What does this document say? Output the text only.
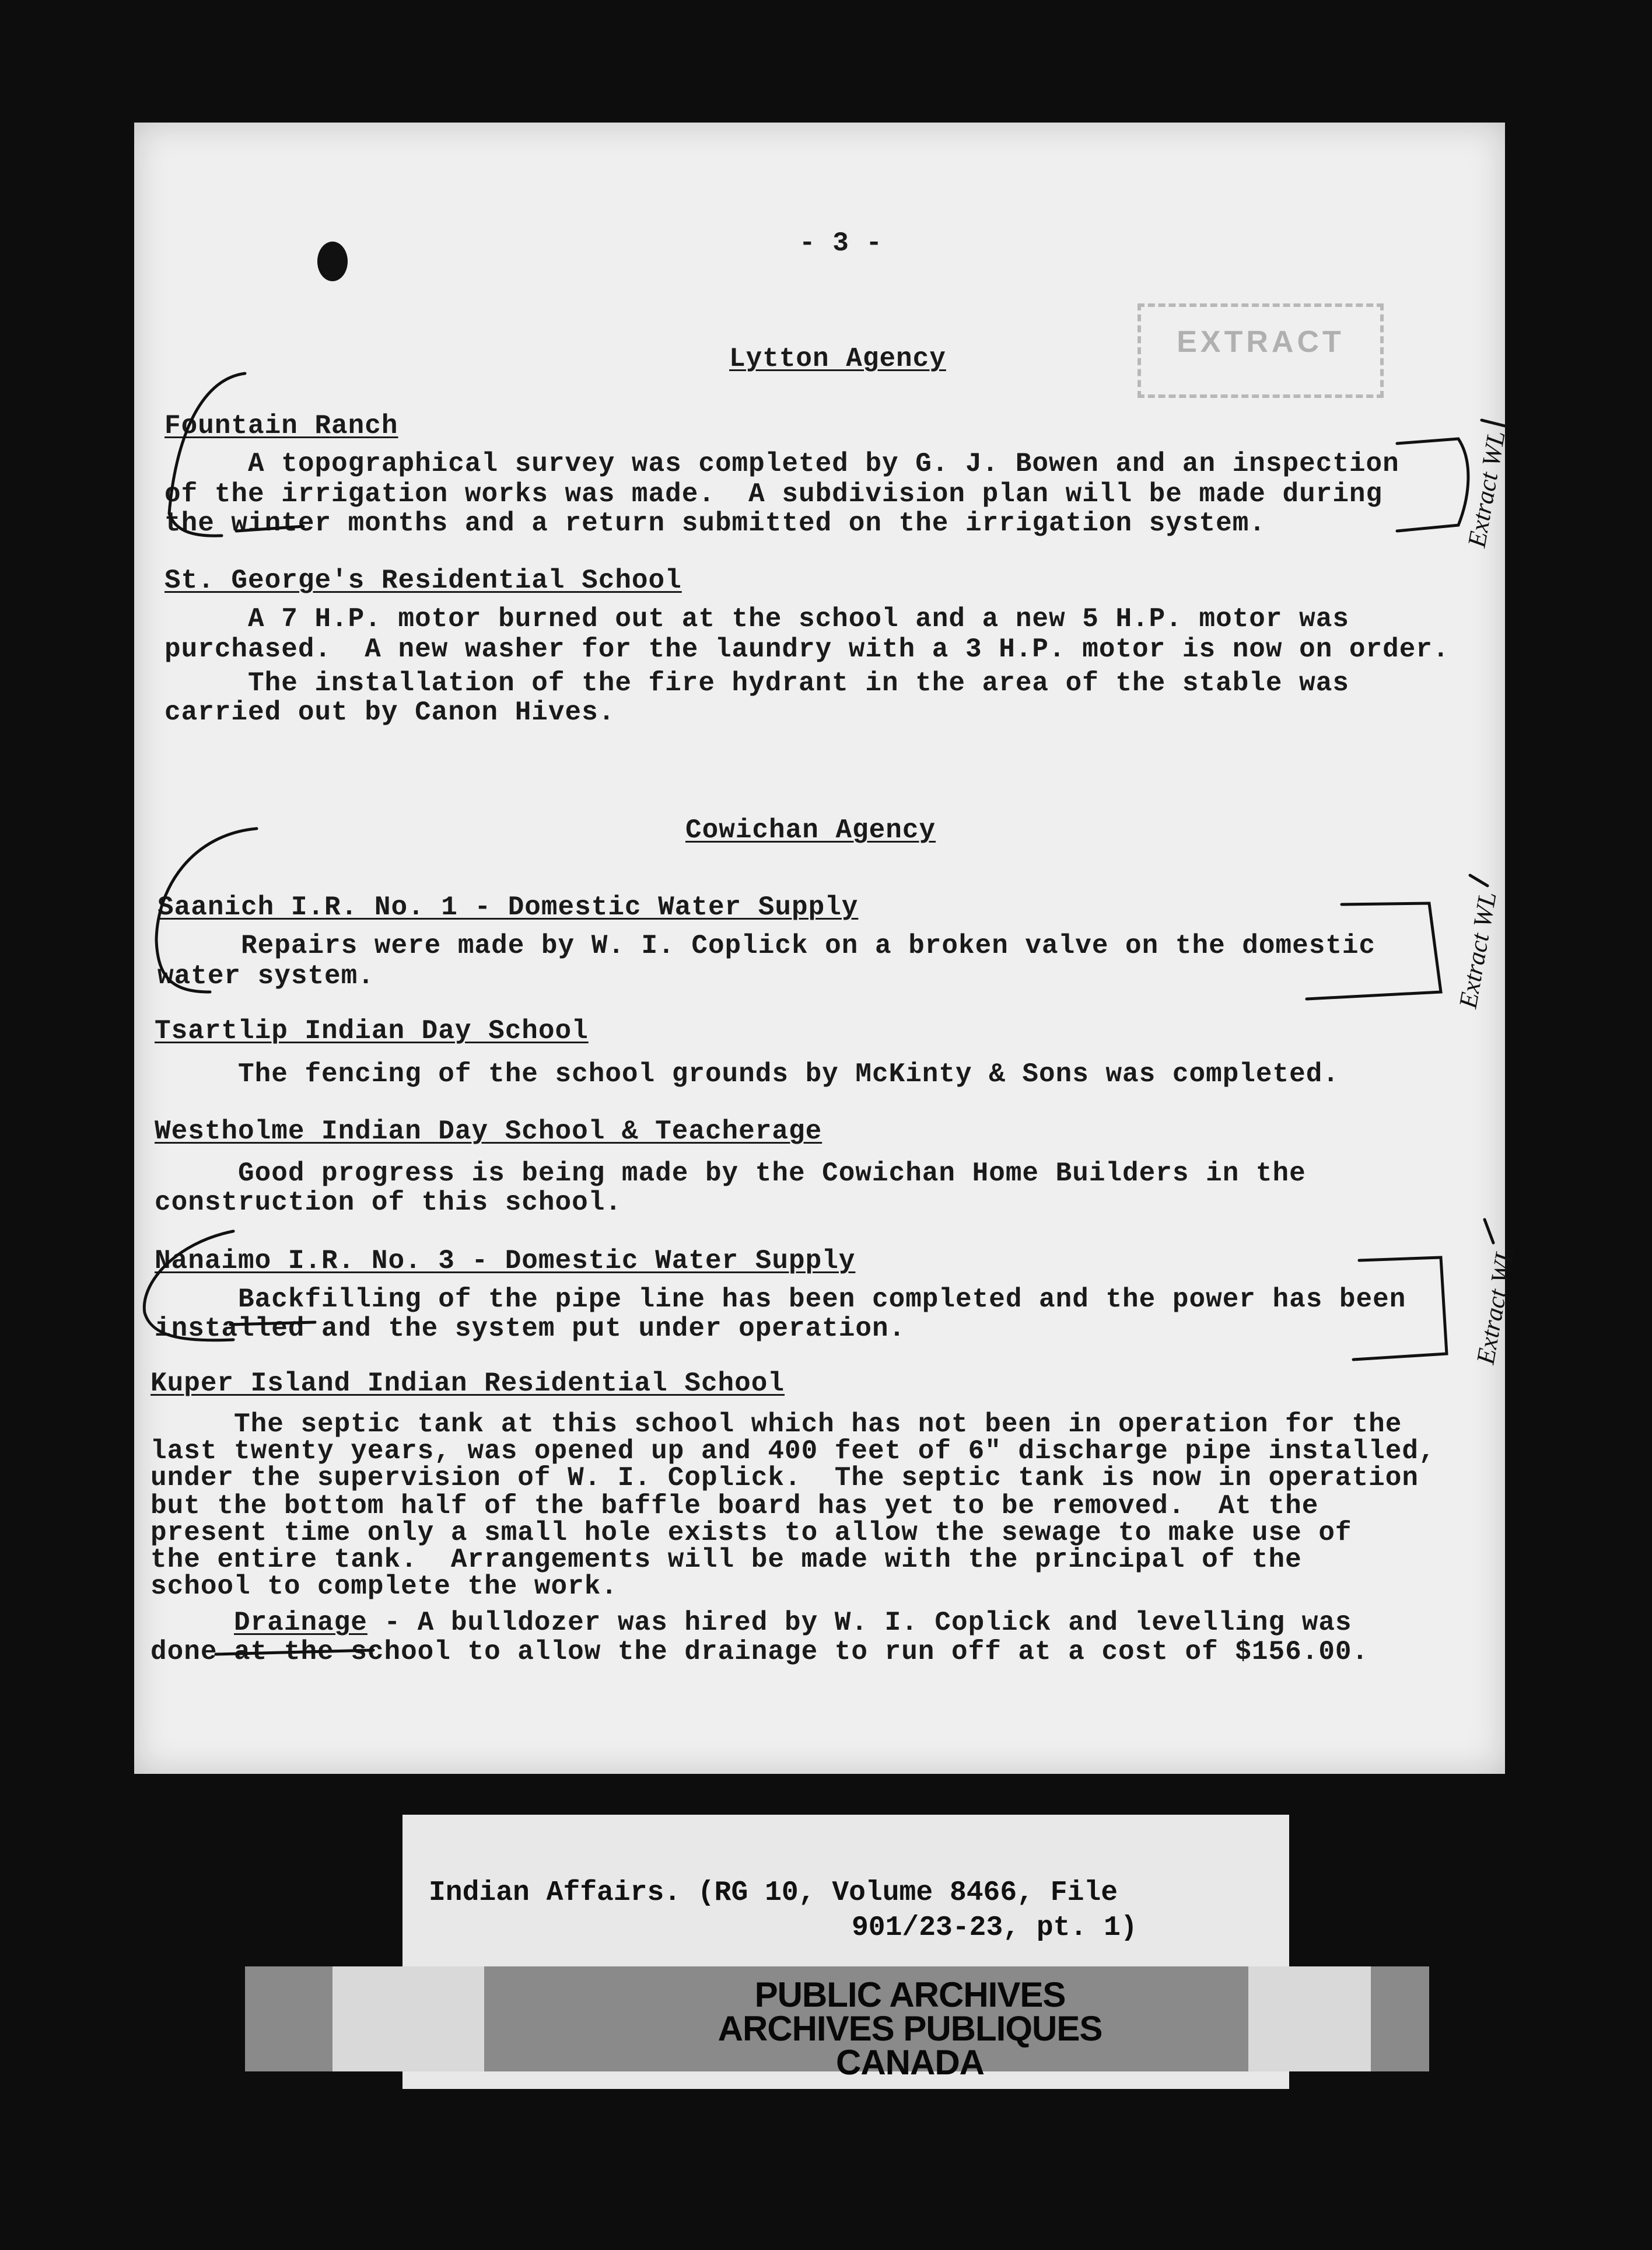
EXTRACT
- 3 -
Lytton Agency
Fountain Ranch
A topographical survey was completed by G. J. Bowen and an inspection
of the irrigation works was made.  A subdivision plan will be made during
the winter months and a return submitted on the irrigation system.
St. George's Residential School
A 7 H.P. motor burned out at the school and a new 5 H.P. motor was
purchased.  A new washer for the laundry with a 3 H.P. motor is now on order.
The installation of the fire hydrant in the area of the stable was
carried out by Canon Hives.
Cowichan Agency
Saanich I.R. No. 1 - Domestic Water Supply
Repairs were made by W. I. Coplick on a broken valve on the domestic
water system.
Tsartlip Indian Day School
The fencing of the school grounds by McKinty & Sons was completed.
Westholme Indian Day School & Teacherage
Good progress is being made by the Cowichan Home Builders in the
construction of this school.
Nanaimo I.R. No. 3 - Domestic Water Supply
Backfilling of the pipe line has been completed and the power has been
installed and the system put under operation.
Kuper Island Indian Residential School
The septic tank at this school which has not been in operation for the
last twenty years, was opened up and 400 feet of 6" discharge pipe installed,
under the supervision of W. I. Coplick.  The septic tank is now in operation
but the bottom half of the baffle board has yet to be removed.  At the
present time only a small hole exists to allow the sewage to make use of
the entire tank.  Arrangements will be made with the principal of the
school to complete the work.
Drainage - A bulldozer was hired by W. I. Coplick and levelling was
done at the school to allow the drainage to run off at a cost of $156.00.
Extract WL
Extract WL
Extract WL
Indian Affairs. (RG 10, Volume 8466, File
901/23-23, pt. 1)
PUBLIC ARCHIVES
ARCHIVES PUBLIQUES
CANADA
